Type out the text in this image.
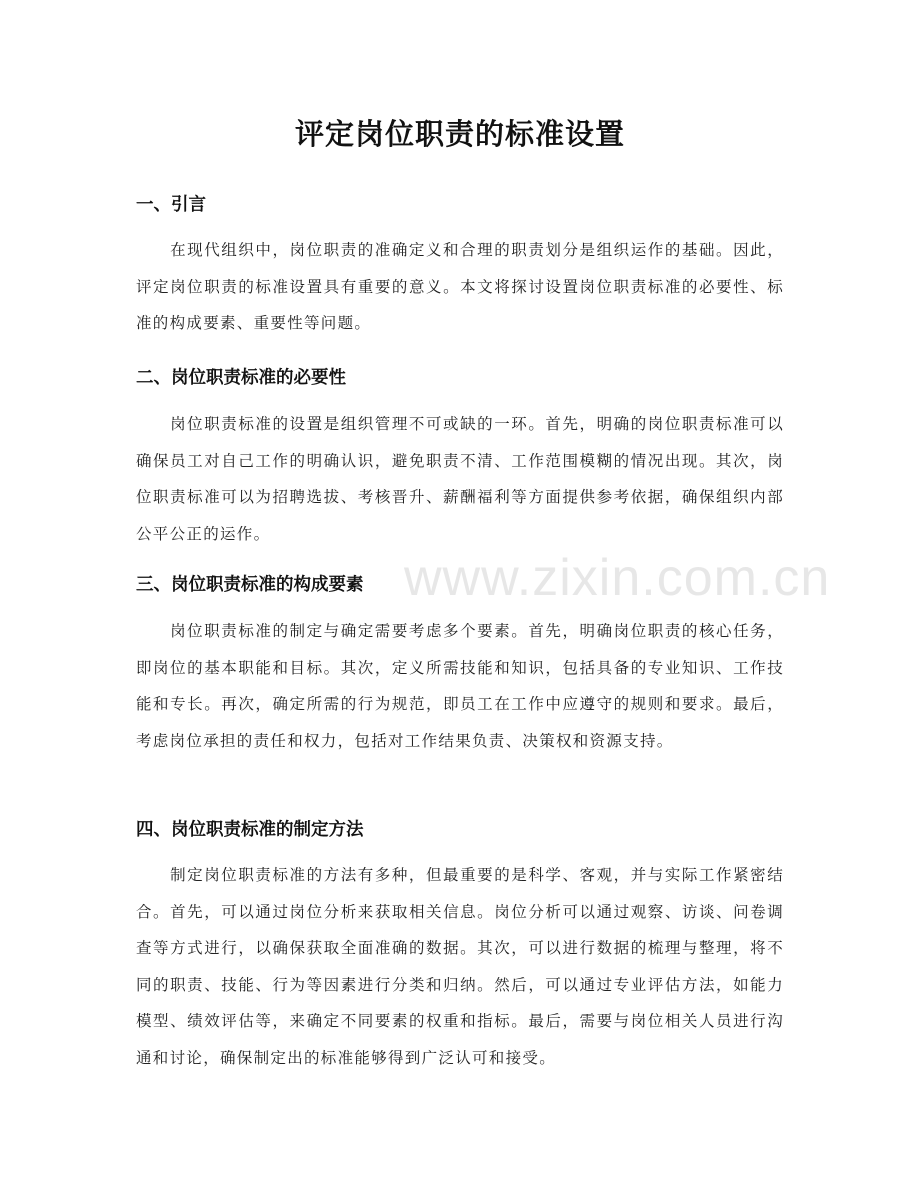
评定岗位职责的标准设置
一、引言

在现代组织中，岗位职责的准确定义和合理的职责划分是组织运作的基础。因此，评定岗位职责的标准设置具有重要的意义。本文将探讨设置岗位职责标准的必要性、标准的构成要素、重要性等问题。

二、岗位职责标准的必要性

岗位职责标准的设置是组织管理不可或缺的一环。首先，明确的岗位职责标准可以确保员工对自己工作的明确认识，避免职责不清、工作范围模糊的情况出现。其次，岗位职责标准可以为招聘选拔、考核晋升、薪酬福利等方面提供参考依据，确保组织内部公平公正的运作。

三、岗位职责标准的构成要素

岗位职责标准的制定与确定需要考虑多个要素。首先，明确岗位职责的核心任务，即岗位的基本职能和目标。其次，定义所需技能和知识，包括具备的专业知识、工作技能和专长。再次，确定所需的行为规范，即员工在工作中应遵守的规则和要求。最后，考虑岗位承担的责任和权力，包括对工作结果负责、决策权和资源支持。

四、岗位职责标准的制定方法

制定岗位职责标准的方法有多种，但最重要的是科学、客观，并与实际工作紧密结合。首先，可以通过岗位分析来获取相关信息。岗位分析可以通过观察、访谈、问卷调查等方式进行，以确保获取全面准确的数据。其次，可以进行数据的梳理与整理，将不同的职责、技能、行为等因素进行分类和归纳。然后，可以通过专业评估方法，如能力模型、绩效评估等，来确定不同要素的权重和指标。最后，需要与岗位相关人员进行沟通和讨论，确保制定出的标准能够得到广泛认可和接受。

www.zixin.com.cn
